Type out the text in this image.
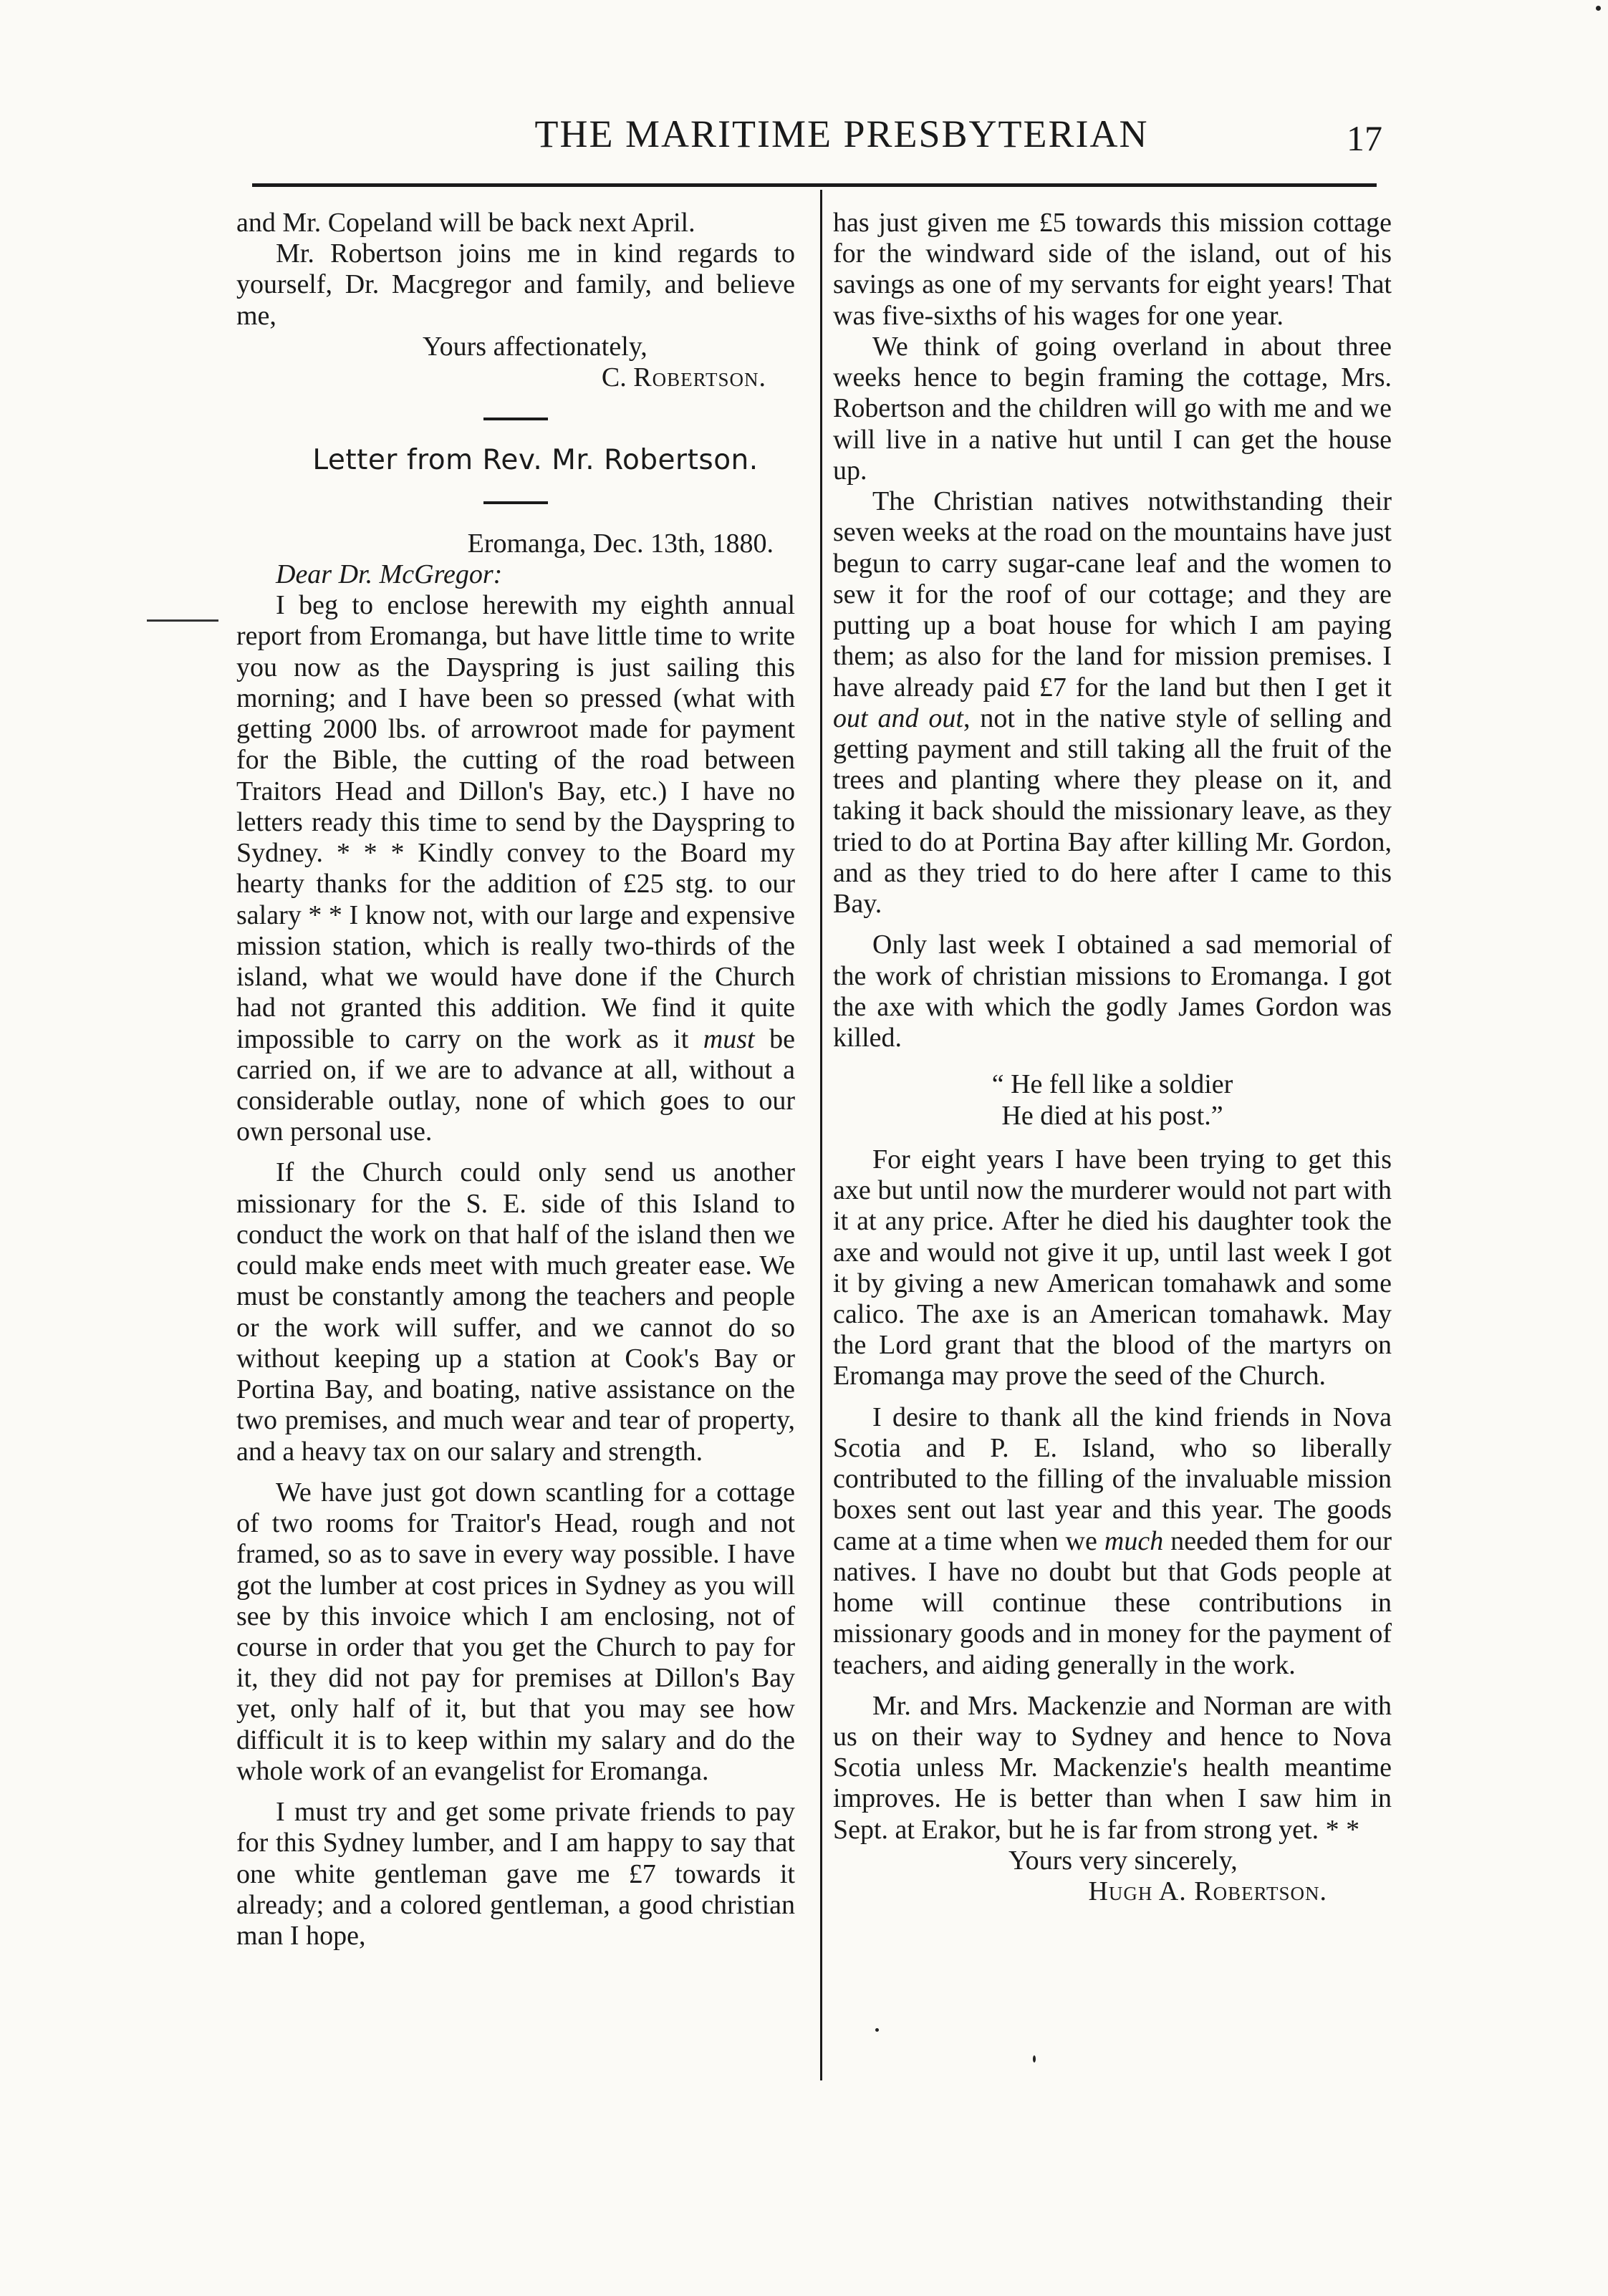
THE MARITIME PRESBYTERIAN	17

and Mr. Copeland will be back next April.

Mr. Robertson joins me in kind regards to yourself, Dr. Macgregor and family, and believe me,

Yours affectionately,

C. Robertson.

Letter from Rev. Mr. Robertson.

Eromanga, Dec. 13th, 1880.

Dear Dr. McGregor:

I beg to enclose herewith my eighth annual report from Eromanga, but have little time to write you now as the Dayspring is just sailing this morning; and I have been so pressed (what with getting 2000 lbs. of arrowroot made for payment for the Bible, the cutting of the road between Traitors Head and Dillon's Bay, etc.) I have no letters ready this time to send by the Dayspring to Sydney. * * * Kindly convey to the Board my hearty thanks for the addition of £25 stg. to our salary * * I know not, with our large and expensive mission station, which is really two-thirds of the island, what we would have done if the Church had not granted this addition. We find it quite impossible to carry on the work as it must be carried on, if we are to advance at all, without a considerable outlay, none of which goes to our own personal use.

If the Church could only send us another missionary for the S. E. side of this Island to conduct the work on that half of the island then we could make ends meet with much greater ease. We must be constantly among the teachers and people or the work will suffer, and we cannot do so without keeping up a station at Cook's Bay or Portina Bay, and boating, native assistance on the two premises, and much wear and tear of property, and a heavy tax on our salary and strength.

We have just got down scantling for a cottage of two rooms for Traitor's Head, rough and not framed, so as to save in every way possible. I have got the lumber at cost prices in Sydney as you will see by this invoice which I am enclosing, not of course in order that you get the Church to pay for it, they did not pay for premises at Dillon's Bay yet, only half of it, but that you may see how difficult it is to keep within my salary and do the whole work of an evangelist for Eromanga.

I must try and get some private friends to pay for this Sydney lumber, and I am happy to say that one white gentleman gave me £7 towards it already; and a colored gentleman, a good christian man I hope,

has just given me £5 towards this mission cottage for the windward side of the island, out of his savings as one of my servants for eight years! That was five-sixths of his wages for one year.

We think of going overland in about three weeks hence to begin framing the cottage, Mrs. Robertson and the children will go with me and we will live in a native hut until I can get the house up.

The Christian natives notwithstanding their seven weeks at the road on the mountains have just begun to carry sugar-cane leaf and the women to sew it for the roof of our cottage; and they are putting up a boat house for which I am paying them; as also for the land for mission premises. I have already paid £7 for the land but then I get it out and out, not in the native style of selling and getting payment and still taking all the fruit of the trees and planting where they please on it, and taking it back should the missionary leave, as they tried to do at Portina Bay after killing Mr. Gordon, and as they tried to do here after I came to this Bay.

Only last week I obtained a sad memorial of the work of christian missions to Eromanga. I got the axe with which the godly James Gordon was killed.

“ He fell like a soldier
He died at his post.”

For eight years I have been trying to get this axe but until now the murderer would not part with it at any price. After he died his daughter took the axe and would not give it up, until last week I got it by giving a new American tomahawk and some calico. The axe is an American tomahawk. May the Lord grant that the blood of the martyrs on Eromanga may prove the seed of the Church.

I desire to thank all the kind friends in Nova Scotia and P. E. Island, who so liberally contributed to the filling of the invaluable mission boxes sent out last year and this year. The goods came at a time when we much needed them for our natives. I have no doubt but that Gods people at home will continue these contributions in missionary goods and in money for the payment of teachers, and aiding generally in the work.

Mr. and Mrs. Mackenzie and Norman are with us on their way to Sydney and hence to Nova Scotia unless Mr. Mackenzie's health meantime improves. He is better than when I saw him in Sept. at Erakor, but he is far from strong yet. * *

Yours very sincerely,

Hugh A. Robertson.
